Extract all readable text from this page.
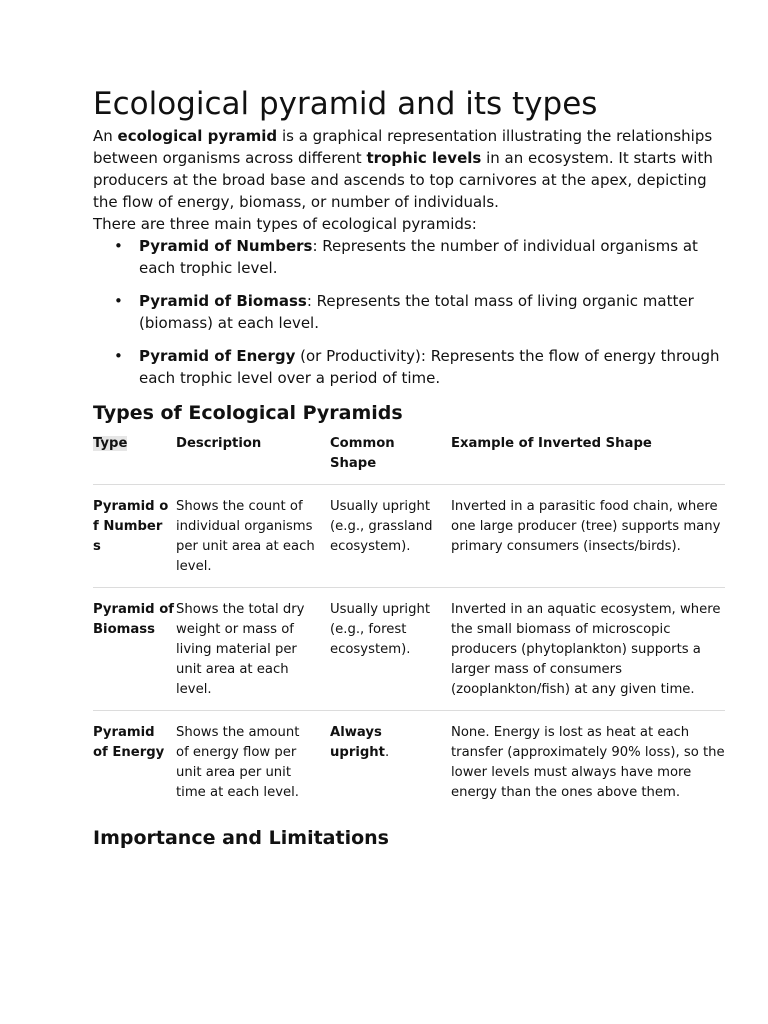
Ecological pyramid and its types

An ecological pyramid is a graphical representation illustrating the relationships between organisms across different trophic levels in an ecosystem. It starts with producers at the broad base and ascends to top carnivores at the apex, depicting the flow of energy, biomass, or number of individuals.

There are three main types of ecological pyramids:

• Pyramid of Numbers: Represents the number of individual organisms at each trophic level.
• Pyramid of Biomass: Represents the total mass of living organic matter (biomass) at each level.
• Pyramid of Energy (or Productivity): Represents the flow of energy through each trophic level over a period of time.
Types of Ecological Pyramids
Type	Description	Common Shape	Example of Inverted Shape
Pyramid of Numbers	Shows the count of individual organisms per unit area at each level.	Usually upright (e.g., grassland ecosystem).	Inverted in a parasitic food chain, where one large producer (tree) supports many primary consumers (insects/birds).
Pyramid of Biomass	Shows the total dry weight or mass of living material per unit area at each level.	Usually upright (e.g., forest ecosystem).	Inverted in an aquatic ecosystem, where the small biomass of microscopic producers (phytoplankton) supports a larger mass of consumers (zooplankton/fish) at any given time.
Pyramid of Energy	Shows the amount of energy flow per unit area per unit time at each level.	Always upright.	None. Energy is lost as heat at each transfer (approximately 90% loss), so the lower levels must always have more energy than the ones above them.
Importance and Limitations
